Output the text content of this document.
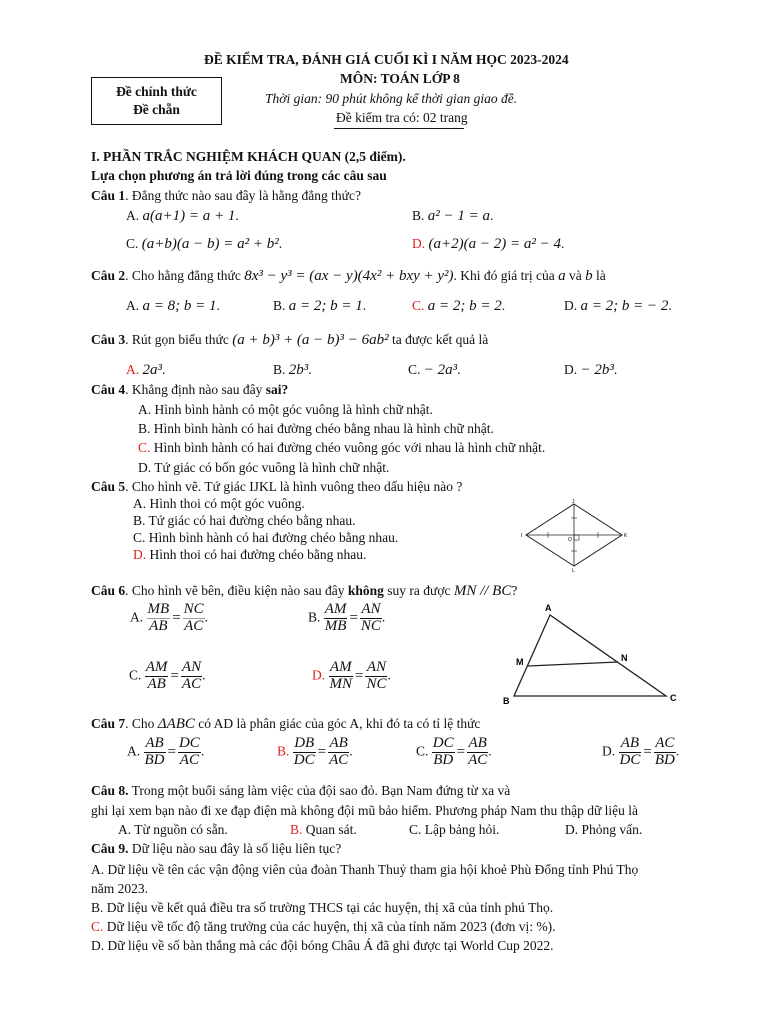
ĐỀ KIỂM TRA, ĐÁNH GIÁ CUỐI KÌ I NĂM HỌC 2023-2024
MÔN: TOÁN LỚP 8
Đề chính thức
Đề chẵn
Thời gian: 90 phút không kể thời gian giao đề.
Đề kiểm tra có: 02 trang
I. PHẦN TRẮC NGHIỆM KHÁCH QUAN (2,5 điểm).
Lựa chọn phương án trả lời đúng trong các câu sau
Câu 1. Đẳng thức nào sau đây là hằng đẳng thức?
A. a(a+1) = a + 1.	B. a² − 1 = a.
C. (a+b)(a − b) = a² + b².	D. (a+2)(a − 2) = a² − 4.
Câu 2. Cho hằng đẳng thức 8x³ − y³ = (ax − y)(4x² + bxy + y²). Khi đó giá trị của a và b là
A. a = 8; b = 1.	B. a = 2; b = 1.	C. a = 2; b = 2.	D. a = 2; b = − 2.
Câu 3. Rút gọn biểu thức (a + b)³ + (a − b)³ − 6ab² ta được kết quả là
A. 2a³.	B. 2b³.	C. − 2a³.	D. − 2b³.
Câu 4. Khẳng định nào sau đây sai?
A. Hình bình hành có một góc vuông là hình chữ nhật.
B. Hình bình hành có hai đường chéo bằng nhau là hình chữ nhật.
C. Hình bình hành có hai đường chéo vuông góc với nhau là hình chữ nhật.
D. Tứ giác có bốn góc vuông là hình chữ nhật.
Câu 5. Cho hình vẽ. Tứ giác IJKL là hình vuông theo dấu hiệu nào ?
A. Hình thoi có một góc vuông.
B. Tứ giác có hai đường chéo bằng nhau.
C. Hình bình hành có hai đường chéo bằng nhau.
D. Hình thoi có hai đường chéo bằng nhau.
J
I	K
L
O
Câu 6. Cho hình vẽ bên, điều kiện nào sau đây không suy ra được MN // BC?
A. $\frac{MB}{AB} = \frac{NC}{AC}$ .	B. $\frac{AM}{MB} = \frac{AN}{NC}$ .
C. $\frac{AM}{AB} = \frac{AN}{AC}$ .	D. $\frac{AM}{MN} = \frac{AN}{NC}$ .
A
M	N
B	C
Câu 7. Cho ΔABC có AD là phân giác của góc A, khi đó ta có tỉ lệ thức
A. $\frac{AB}{BD} = \frac{DC}{AC}$ .	B. $\frac{DB}{DC} = \frac{AB}{AC}$ .	C. $\frac{DC}{BD} = \frac{AB}{AC}$ .	D. $\frac{AB}{DC} = \frac{AC}{BD}$ .
Câu 8. Trong một buổi sáng làm việc của đội sao đỏ. Bạn Nam đứng từ xa và
ghi lại xem bạn nào đi xe đạp điện mà không đội mũ bảo hiểm. Phương pháp Nam thu thập dữ liệu là
A. Từ nguồn có sẵn.	B. Quan sát.	C. Lập bảng hỏi.	D. Phỏng vấn.
Câu 9. Dữ liệu nào sau đây là số liệu liên tục?
A. Dữ liệu về tên các vận động viên của đoàn Thanh Thuỷ tham gia hội khoẻ Phù Đổng tỉnh Phú Thọ
năm 2023.
B. Dữ liệu về kết quả điều tra số trường THCS tại các huyện, thị xã của tỉnh phú Thọ.
C. Dữ liệu về tốc độ tăng trưởng của các huyện, thị xã của tỉnh năm 2023 (đơn vị: %).
D. Dữ liệu về số bàn thắng mà các đội bóng Châu Á đã ghi được tại World Cup 2022.
